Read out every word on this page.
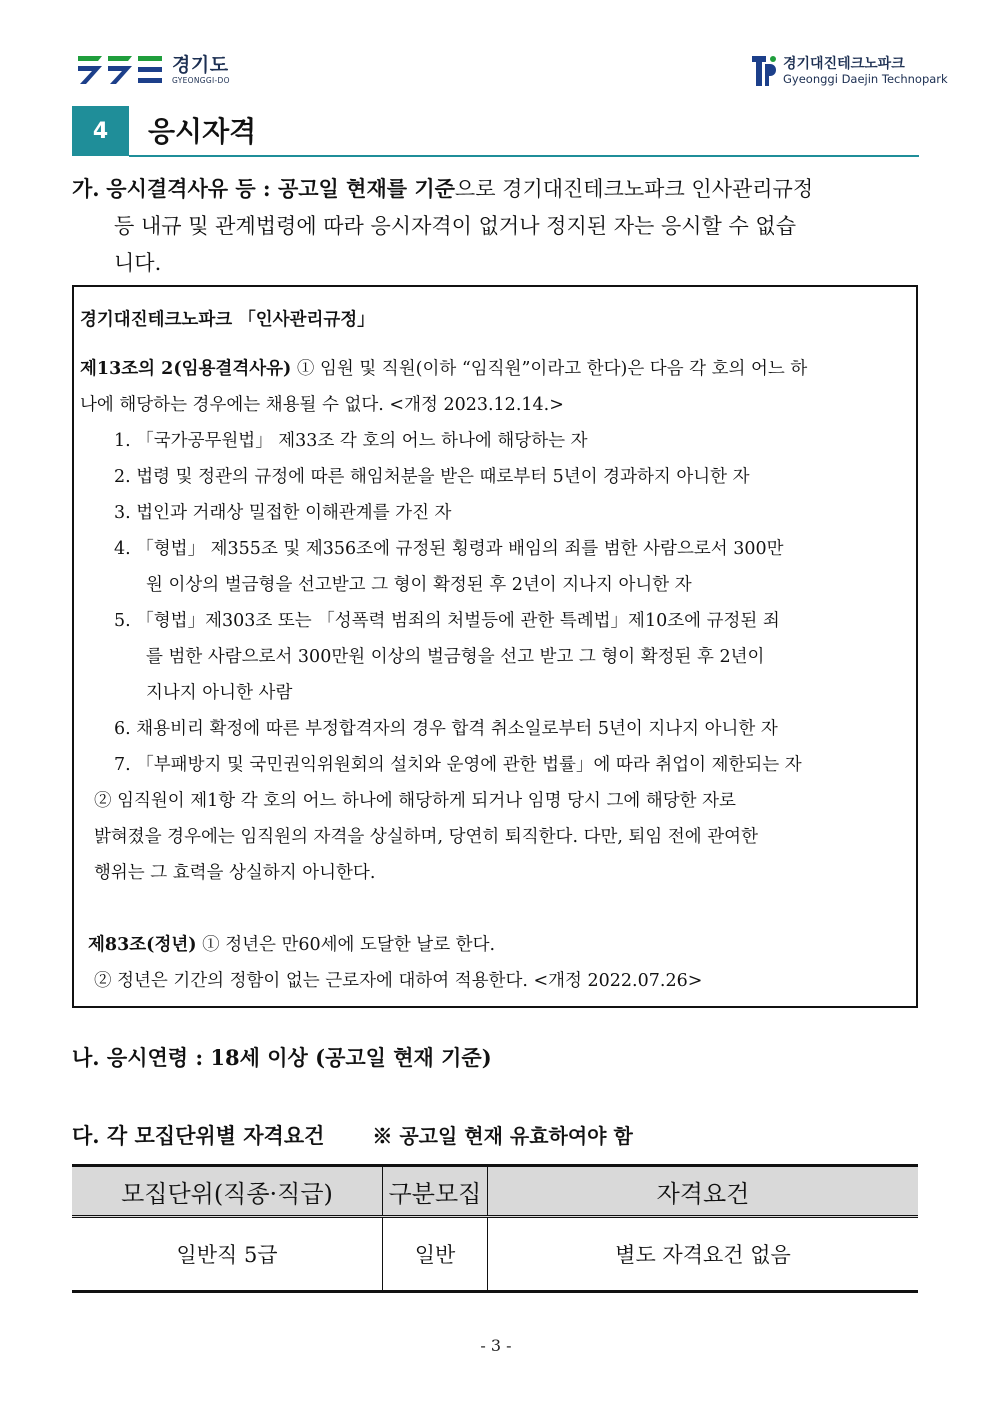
경기도
GYEONGGI-DO
경기대진테크노파크
Gyeonggi Daejin Technopark
4	응시자격
가. 응시결격사유 등 : 공고일 현재를 기준으로 경기대진테크노파크 인사관리규정
등 내규 및 관계법령에 따라 응시자격이 없거나 정지된 자는 응시할 수 없습
니다.
경기대진테크노파크 「인사관리규정」
제13조의 2(임용결격사유) ① 임원 및 직원(이하 “임직원”이라고 한다)은 다음 각 호의 어느 하
나에 해당하는 경우에는 채용될 수 없다. <개정 2023.12.14.>
1. 「국가공무원법」 제33조 각 호의 어느 하나에 해당하는 자
2. 법령 및 정관의 규정에 따른 해임처분을 받은 때로부터 5년이 경과하지 아니한 자
3. 법인과 거래상 밀접한 이해관계를 가진 자
4. 「형법」 제355조 및 제356조에 규정된 횡령과 배임의 죄를 범한 사람으로서 300만
원 이상의 벌금형을 선고받고 그 형이 확정된 후 2년이 지나지 아니한 자
5. 「형법」제303조 또는 「성폭력 범죄의 처벌등에 관한 특례법」제10조에 규정된 죄
를 범한 사람으로서 300만원 이상의 벌금형을 선고 받고 그 형이 확정된 후 2년이
지나지 아니한 사람
6. 채용비리 확정에 따른 부정합격자의 경우 합격 취소일로부터 5년이 지나지 아니한 자
7. 「부패방지 및 국민권익위원회의 설치와 운영에 관한 법률」에 따라 취업이 제한되는 자
② 임직원이 제1항 각 호의 어느 하나에 해당하게 되거나 임명 당시 그에 해당한 자로
밝혀졌을 경우에는 임직원의 자격을 상실하며, 당연히 퇴직한다. 다만, 퇴임 전에 관여한
행위는 그 효력을 상실하지 아니한다.
제83조(정년) ① 정년은 만60세에 도달한 날로 한다.
② 정년은 기간의 정함이 없는 근로자에 대하여 적용한다. <개정 2022.07.26>
나. 응시연령 : 18세 이상 (공고일 현재 기준)
다. 각 모집단위별 자격요건 ※ 공고일 현재 유효하여야 함
모집단위(직종·직급)	구분모집	자격요건
일반직 5급	일반	별도 자격요건 없음
- 3 -
